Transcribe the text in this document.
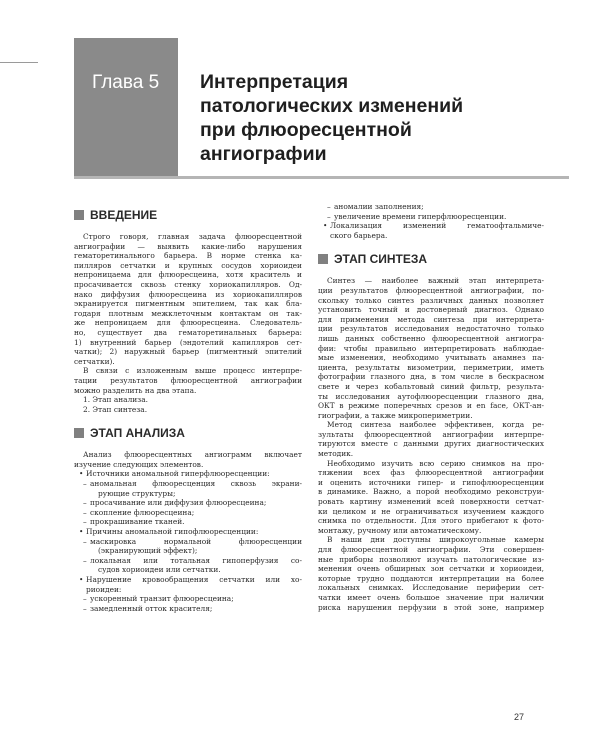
Глава 5 Интерпретация
патологических изменений
при флюоресцентной
ангиографии
ВВЕДЕНИЕ
Строго говоря, главная задача флюоресцентной
ангиографии — выявить какие-либо нарушения
гематоретинального барьера. В норме стенка ка-
пилляров сетчатки и крупных сосудов хориоидеи
непроницаема для флюоресцеина, хотя краситель и
просачивается сквозь стенку хориокапилляров. Од-
нако диффузия флюоресцеина из хориокапилляров
экранируется пигментным эпителием, так как бла-
годаря плотным межклеточным контактам он так-
же непроницаем для флюоресцеина. Следователь-
но, существует два гематоретинальных барьера:
1) внутренний барьер (эндотелий капилляров сет-
чатки); 2) наружный барьер (пигментный эпителий
сетчатки).
В связи с изложенным выше процесс интерпре-
тации результатов флюоресцентной ангиографии
можно разделить на два этапа.
1. Этап анализа.
2. Этап синтеза.
ЭТАП АНАЛИЗА
Анализ флюоресцентных ангиограмм включает
изучение следующих элементов.
• Источники аномальной гиперфлюоресценции:
– аномальная флюоресценция сквозь экрани-
рующие структуры;
– просачивание или диффузия флюоресцеина;
– скопление флюоресцеина;
– прокрашивание тканей.
• Причины аномальной гипофлюоресценции:
– маскировка нормальной флюоресценции
(экранирующий эффект);
– локальная или тотальная гипоперфузия со-
судов хориоидеи или сетчатки.
• Нарушение кровообращения сетчатки или хо-
риоидеи:
– ускоренный транзит флюоресцеина;
– замедленный отток красителя;
– аномалии заполнения;
– увеличение времени гиперфлюоресценции.
• Локализация изменений гематоофтальмиче-
ского барьера.
ЭТАП СИНТЕЗА
Синтез — наиболее важный этап интерпрета-
ции результатов флюоресцентной ангиографии, по-
скольку только синтез различных данных позволяет
установить точный и достоверный диагноз. Однако
для применения метода синтеза при интерпрета-
ции результатов исследования недостаточно только
лишь данных собственно флюоресцентной ангиогра-
фии: чтобы правильно интерпретировать наблюдае-
мые изменения, необходимо учитывать анамнез па-
циента, результаты визометрии, периметрии, иметь
фотографии глазного дна, в том числе в бескрасном
свете и через кобальтовый синий фильтр, результа-
ты исследования аутофлюоресценции глазного дна,
ОКТ в режиме поперечных срезов и en face, ОКТ-ан-
гиографии, а также микропериметрии.
Метод синтеза наиболее эффективен, когда ре-
зультаты флюоресцентной ангиографии интерпре-
тируются вместе с данными других диагностических
методик.
Необходимо изучить всю серию снимков на про-
тяжении всех фаз флюоресцентной ангиографии
и оценить источники гипер- и гипофлюоресценции
в динамике. Важно, а порой необходимо реконструи-
ровать картину изменений всей поверхности сетчат-
ки целиком и не ограничиваться изучением каждого
снимка по отдельности. Для этого прибегают к фото-
монтажу, ручному или автоматическому.
В наши дни доступны широкоугольные камеры
для флюоресцентной ангиографии. Эти совершен-
ные приборы позволяют изучать патологические из-
менения очень обширных зон сетчатки и хориоидеи,
которые трудно поддаются интерпретации на более
локальных снимках. Исследование периферии сет-
чатки имеет очень большое значение при наличии
риска нарушения перфузии в этой зоне, например
27
